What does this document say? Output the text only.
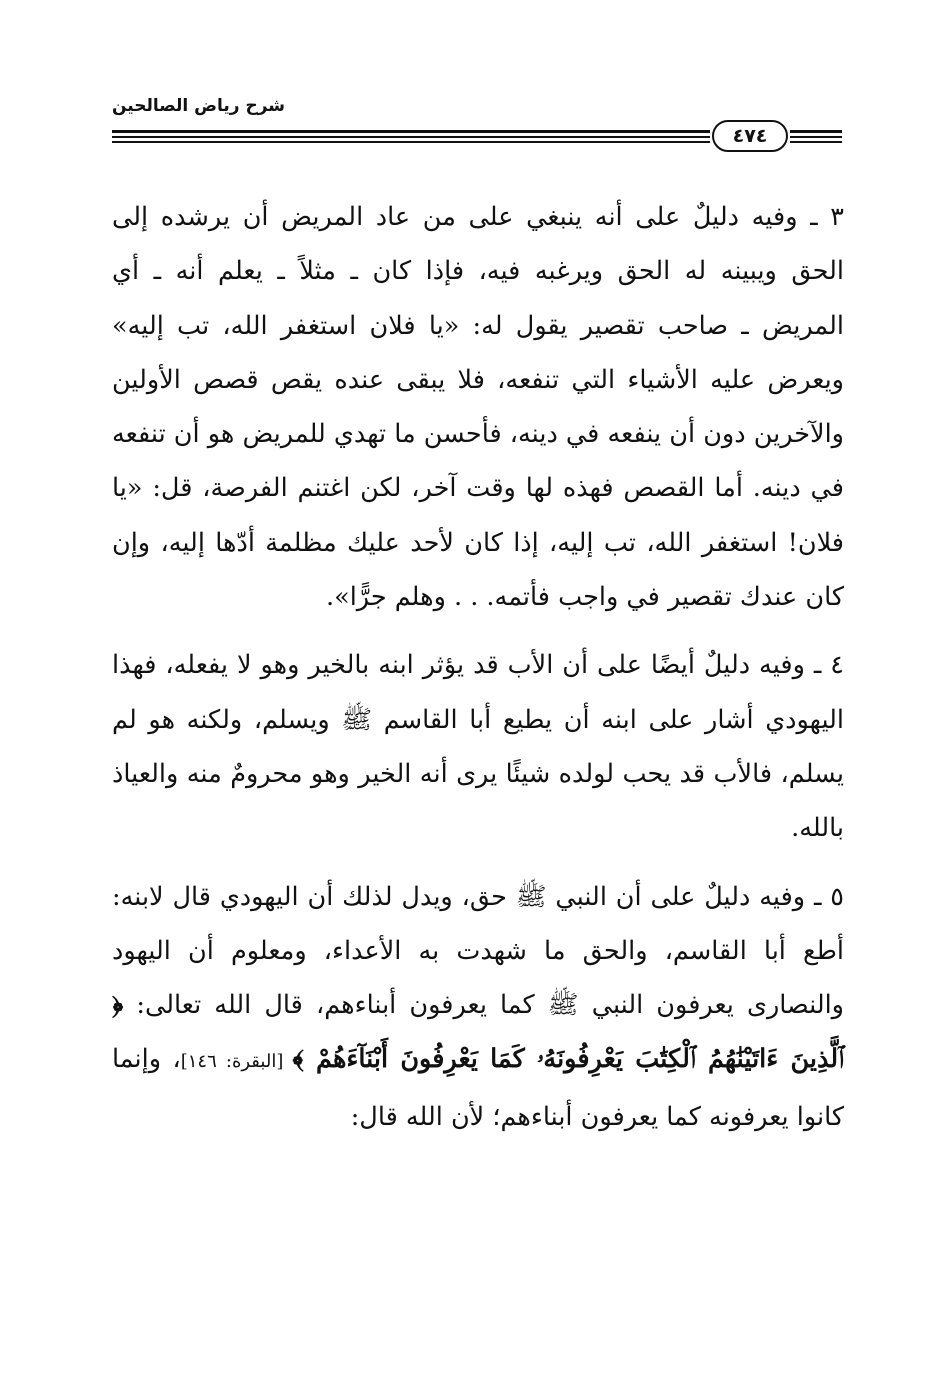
شرح رياض الصالحين
٤٧٤

٣ ـ وفيه دليلٌ على أنه ينبغي على من عاد المريض أن يرشده إلى الحق ويبينه له الحق ويرغبه فيه، فإذا كان ـ مثلاً ـ يعلم أنه ـ أي المريض ـ صاحب تقصير يقول له: «يا فلان استغفر الله، تب إليه» ويعرض عليه الأشياء التي تنفعه، فلا يبقى عنده يقص قصص الأولين والآخرين دون أن ينفعه في دينه، فأحسن ما تهدي للمريض هو أن تنفعه في دينه. أما القصص فهذه لها وقت آخر، لكن اغتنم الفرصة، قل: «يا فلان! استغفر الله، تب إليه، إذا كان لأحد عليك مظلمة أدّها إليه، وإن كان عندك تقصير في واجب فأتمه. . . وهلم جرًّا».

٤ ـ وفيه دليلٌ أيضًا على أن الأب قد يؤثر ابنه بالخير وهو لا يفعله، فهذا اليهودي أشار على ابنه أن يطيع أبا القاسم ﷺ ويسلم، ولكنه هو لم يسلم، فالأب قد يحب لولده شيئًا يرى أنه الخير وهو محرومٌ منه والعياذ بالله.

٥ ـ وفيه دليلٌ على أن النبي ﷺ حق، ويدل لذلك أن اليهودي قال لابنه: أطع أبا القاسم، والحق ما شهدت به الأعداء، ومعلوم أن اليهود والنصارى يعرفون النبي ﷺ كما يعرفون أبناءهم، قال الله تعالى: ﴿ ٱلَّذِينَ ءَاتَيْنَٰهُمُ ٱلْكِتَٰبَ يَعْرِفُونَهُۥ كَمَا يَعْرِفُونَ أَبْنَآءَهُمْ ﴾ [البقرة: ١٤٦]، وإنما كانوا يعرفونه كما يعرفون أبناءهم؛ لأن الله قال:
